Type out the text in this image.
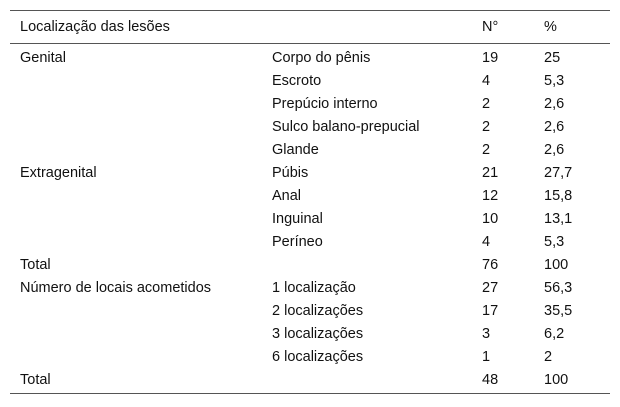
Localização das lesões		N°	%
Genital	Corpo do pênis	19	25
	Escroto	4	5,3
	Prepúcio interno	2	2,6
	Sulco balano-prepucial	2	2,6
	Glande	2	2,6
Extragenital	Púbis	21	27,7
	Anal	12	15,8
	Inguinal	10	13,1
	Períneo	4	5,3
Total		76	100
Número de locais acometidos	1 localização	27	56,3
	2 localizações	17	35,5
	3 localizações	3	6,2
	6 localizações	1	2
Total		48	100
